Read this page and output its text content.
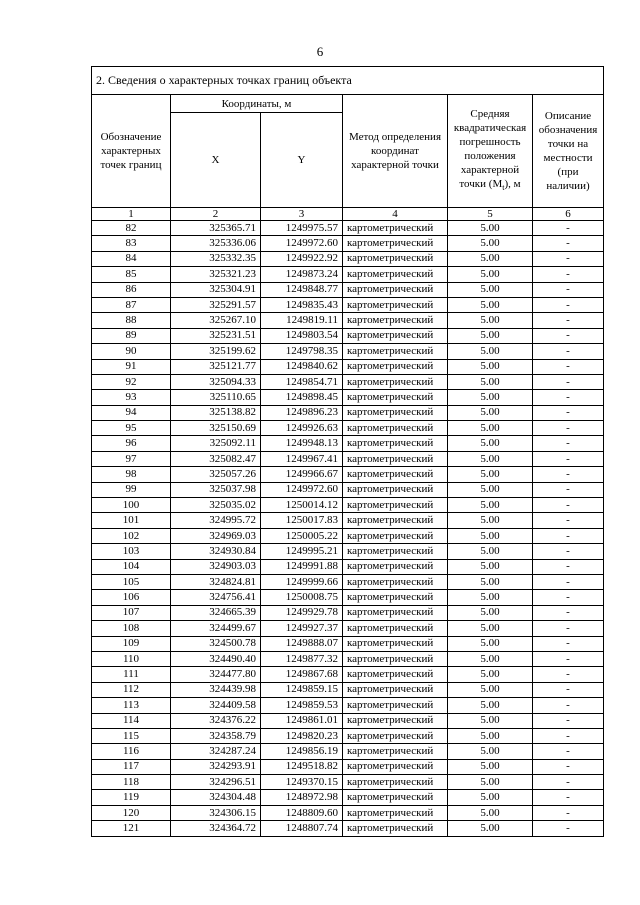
6
2. Сведения о характерных точках границ объекта					
Обозначение характерных точек границ	Координаты, м		Метод определения координат характерной точки	Средняя квадратическая погрешность положения характерной точки $(M_t)$, м	Описание обозначения точки на местности (при наличии)
	X	Y			
1	2	3	4	5	6
82	325365.71	1249975.57	картометрический	5.00	-
83	325336.06	1249972.60	картометрический	5.00	-
84	325332.35	1249922.92	картометрический	5.00	-
85	325321.23	1249873.24	картометрический	5.00	-
86	325304.91	1249848.77	картометрический	5.00	-
87	325291.57	1249835.43	картометрический	5.00	-
88	325267.10	1249819.11	картометрический	5.00	-
89	325231.51	1249803.54	картометрический	5.00	-
90	325199.62	1249798.35	картометрический	5.00	-
91	325121.77	1249840.62	картометрический	5.00	-
92	325094.33	1249854.71	картометрический	5.00	-
93	325110.65	1249898.45	картометрический	5.00	-
94	325138.82	1249896.23	картометрический	5.00	-
95	325150.69	1249926.63	картометрический	5.00	-
96	325092.11	1249948.13	картометрический	5.00	-
97	325082.47	1249967.41	картометрический	5.00	-
98	325057.26	1249966.67	картометрический	5.00	-
99	325037.98	1249972.60	картометрический	5.00	-
100	325035.02	1250014.12	картометрический	5.00	-
101	324995.72	1250017.83	картометрический	5.00	-
102	324969.03	1250005.22	картометрический	5.00	-
103	324930.84	1249995.21	картометрический	5.00	-
104	324903.03	1249991.88	картометрический	5.00	-
105	324824.81	1249999.66	картометрический	5.00	-
106	324756.41	1250008.75	картометрический	5.00	-
107	324665.39	1249929.78	картометрический	5.00	-
108	324499.67	1249927.37	картометрический	5.00	-
109	324500.78	1249888.07	картометрический	5.00	-
110	324490.40	1249877.32	картометрический	5.00	-
111	324477.80	1249867.68	картометрический	5.00	-
112	324439.98	1249859.15	картометрический	5.00	-
113	324409.58	1249859.53	картометрический	5.00	-
114	324376.22	1249861.01	картометрический	5.00	-
115	324358.79	1249820.23	картометрический	5.00	-
116	324287.24	1249856.19	картометрический	5.00	-
117	324293.91	1249518.82	картометрический	5.00	-
118	324296.51	1249370.15	картометрический	5.00	-
119	324304.48	1248972.98	картометрический	5.00	-
120	324306.15	1248809.60	картометрический	5.00	-
121	324364.72	1248807.74	картометрический	5.00	-
